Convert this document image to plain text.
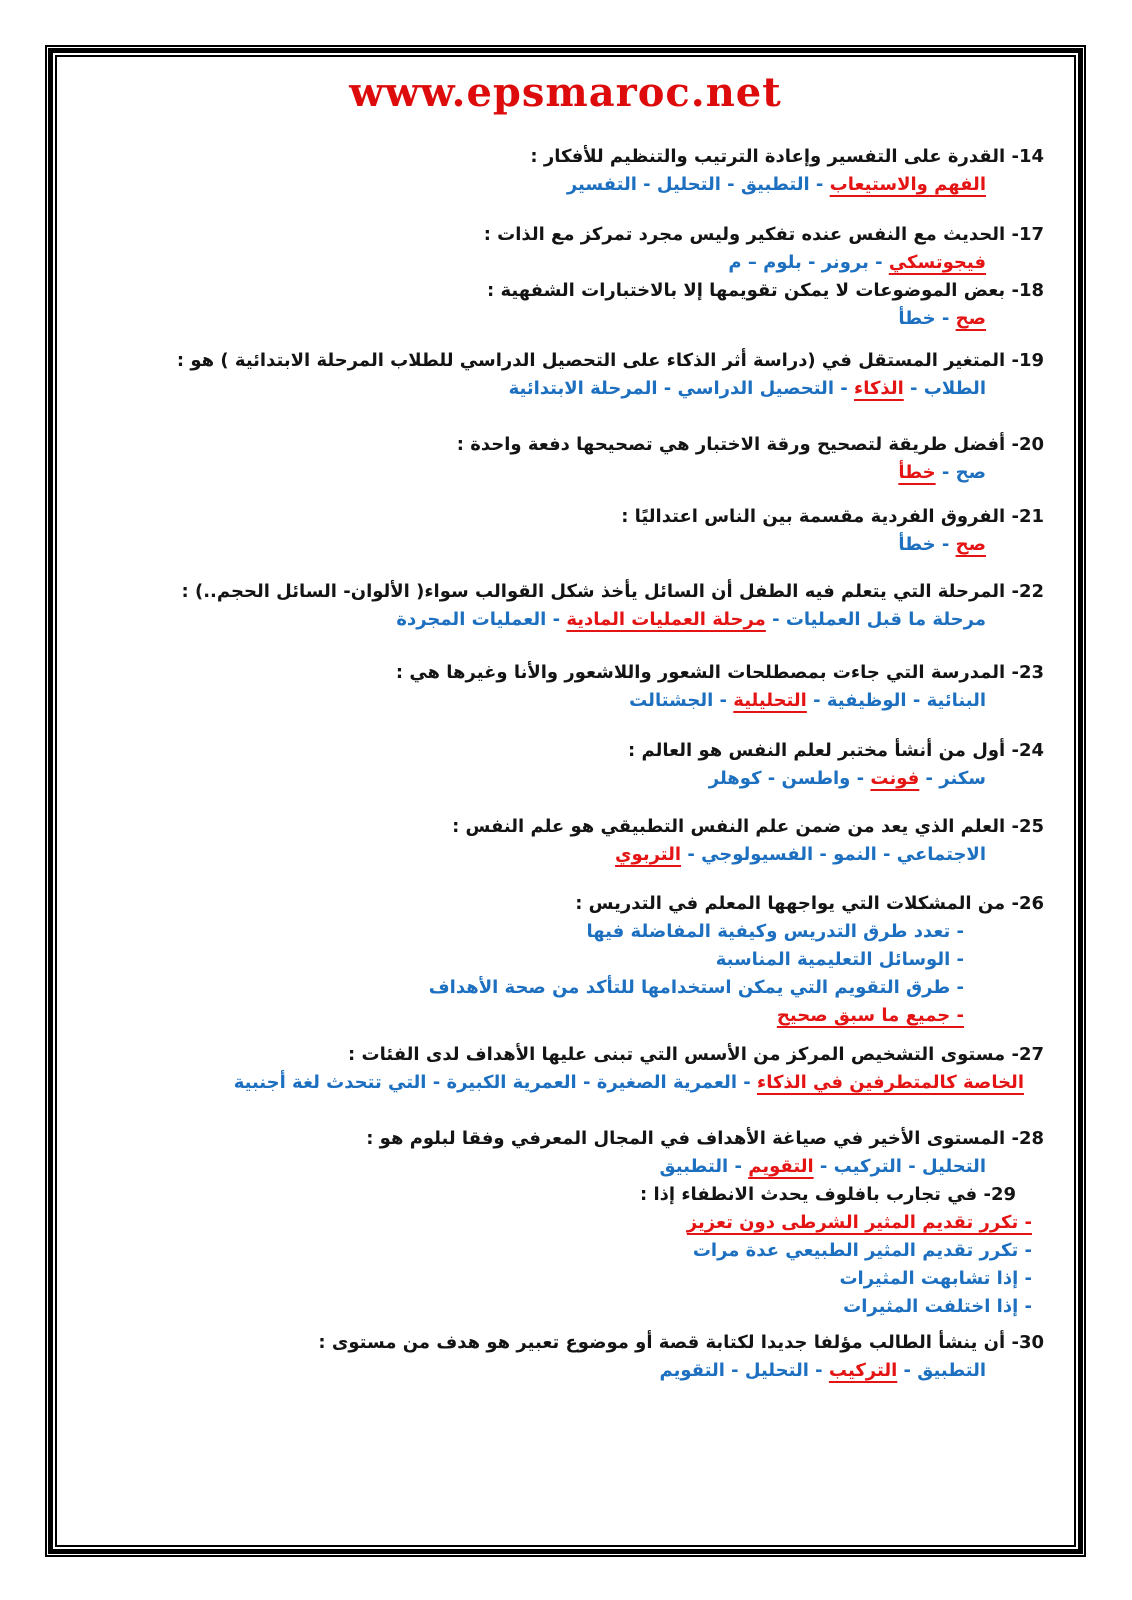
www.epsmaroc.net

14- القدرة على التفسير وإعادة الترتيب والتنظيم للأفكار :

الفهم والاستيعاب - التطبيق - التحليل - التفسير

17- الحديث مع النفس عنده تفكير وليس مجرد تمركز مع الذات :

فيجوتسكي - برونر - بلوم – م

18- بعض الموضوعات لا يمكن تقويمها إلا بالاختبارات الشفهية :

صح - خطأ

19- المتغير المستقل في (دراسة أثر الذكاء على التحصيل الدراسي للطلاب المرحلة الابتدائية ) هو :

الطلاب - الذكاء - التحصيل الدراسي - المرحلة الابتدائية

20- أفضل طريقة لتصحيح ورقة الاختبار هي تصحيحها دفعة واحدة :

صح - خطأ

21- الفروق الفردية مقسمة بين الناس اعتداليًا :

صح - خطأ

22- المرحلة التي يتعلم فيه الطفل أن السائل يأخذ شكل القوالب سواء( الألوان- السائل الحجم..) :

مرحلة ما قبل العمليات - مرحلة العمليات المادية - العمليات المجردة

23- المدرسة التي جاءت بمصطلحات الشعور واللاشعور والأنا وغيرها هي :

البنائية - الوظيفية - التحليلية - الجشتالت

24- أول من أنشأ مختبر لعلم النفس هو العالم :

سكنر - فونت - واطسن - كوهلر

25- العلم الذي يعد من ضمن علم النفس التطبيقي هو علم النفس :

الاجتماعي - النمو - الفسيولوجي - التربوي

26- من المشكلات التي يواجهها المعلم في التدريس :

- تعدد طرق التدريس وكيفية المفاضلة فيها

- الوسائل التعليمية المناسبة

- طرق التقويم التي يمكن استخدامها للتأكد من صحة الأهداف

- جميع ما سبق صحيح

27- مستوى التشخيص المركز من الأسس التي تبنى عليها الأهداف لدى الفئات :

الخاصة كالمتطرفين في الذكاء - العمرية الصغيرة - العمرية الكبيرة - التي تتحدث لغة أجنبية

28- المستوى الأخير في صياغة الأهداف في المجال المعرفي وفقا لبلوم هو :

التحليل - التركيب - التقويم - التطبيق

29- في تجارب بافلوف يحدث الانطفاء إذا :

- تكرر تقديم المثير الشرطى دون تعزيز

- تكرر تقديم المثير الطبيعي عدة مرات

- إذا تشابهت المثيرات

- إذا اختلفت المثيرات

30- أن ينشأ الطالب مؤلفا جديدا لكتابة قصة أو موضوع تعبير هو هدف من مستوى :

التطبيق - التركيب - التحليل - التقويم
